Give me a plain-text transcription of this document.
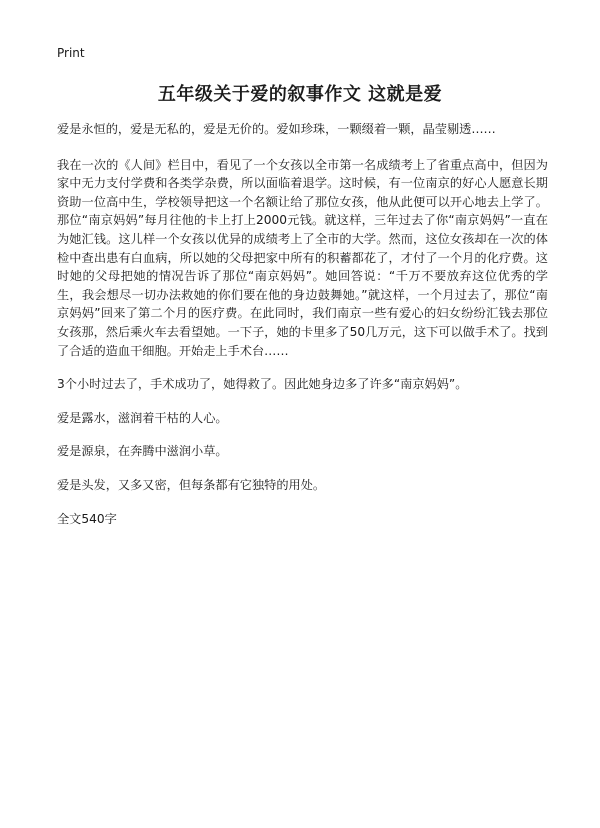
Print
五年级关于爱的叙事作文 这就是爱

爱是永恒的，爱是无私的，爱是无价的。爱如珍珠，一颗缀着一颗，晶莹剔透……

我在一次的《人间》栏目中，看见了一个女孩以全市第一名成绩考上了省重点高中，但因为家中无力支付学费和各类学杂费，所以面临着退学。这时候，有一位南京的好心人愿意长期资助一位高中生，学校领导把这一个名额让给了那位女孩，他从此便可以开心地去上学了。那位“南京妈妈”每月往他的卡上打上2000元钱。就这样，三年过去了你“南京妈妈”一直在为她汇钱。这儿样一个女孩以优异的成绩考上了全市的大学。然而，这位女孩却在一次的体检中查出患有白血病，所以她的父母把家中所有的积蓄都花了，才付了一个月的化疗费。这时她的父母把她的情况告诉了那位“南京妈妈”。她回答说：“千万不要放弃这位优秀的学生，我会想尽一切办法救她的你们要在他的身边鼓舞她。”就这样，一个月过去了，那位“南京妈妈”回来了第二个月的医疗费。在此同时，我们南京一些有爱心的妇女纷纷汇钱去那位女孩那，然后乘火车去看望她。一下子，她的卡里多了50几万元，这下可以做手术了。找到了合适的造血干细胞。开始走上手术台……

3个小时过去了，手术成功了，她得救了。因此她身边多了许多“南京妈妈”。

爱是露水，滋润着干枯的人心。

爱是源泉，在奔腾中滋润小草。

爱是头发，又多又密，但每条都有它独特的用处。

全文540字
